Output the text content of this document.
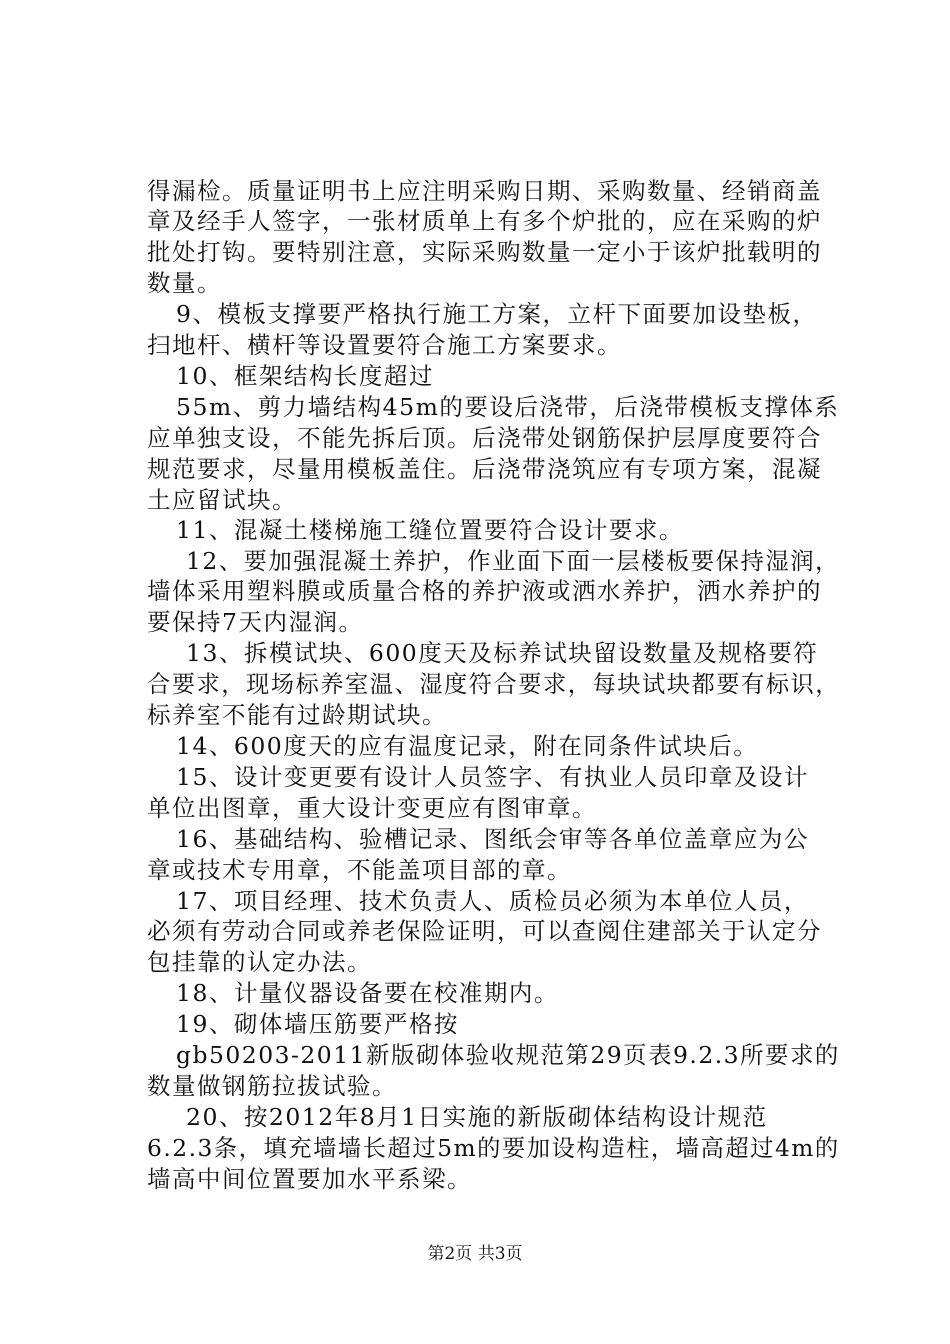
得漏检。质量证明书上应注明采购日期、采购数量、经销商盖
章及经手人签字，一张材质单上有多个炉批的，应在采购的炉
批处打钩。要特别注意，实际采购数量一定小于该炉批载明的
数量。
9、模板支撑要严格执行施工方案，立杆下面要加设垫板，
扫地杆、横杆等设置要符合施工方案要求。
10、框架结构长度超过
55m、剪力墙结构45m的要设后浇带，后浇带模板支撑体系
应单独支设，不能先拆后顶。后浇带处钢筋保护层厚度要符合
规范要求，尽量用模板盖住。后浇带浇筑应有专项方案，混凝
土应留试块。
11、混凝土楼梯施工缝位置要符合设计要求。
12、要加强混凝土养护，作业面下面一层楼板要保持湿润，
墙体采用塑料膜或质量合格的养护液或洒水养护，洒水养护的
要保持7天内湿润。
13、拆模试块、600度天及标养试块留设数量及规格要符
合要求，现场标养室温、湿度符合要求，每块试块都要有标识，
标养室不能有过龄期试块。
14、600度天的应有温度记录，附在同条件试块后。
15、设计变更要有设计人员签字、有执业人员印章及设计
单位出图章，重大设计变更应有图审章。
16、基础结构、验槽记录、图纸会审等各单位盖章应为公
章或技术专用章，不能盖项目部的章。
17、项目经理、技术负责人、质检员必须为本单位人员，
必须有劳动合同或养老保险证明，可以查阅住建部关于认定分
包挂靠的认定办法。
18、计量仪器设备要在校准期内。
19、砌体墙压筋要严格按
gb50203-2011新版砌体验收规范第29页表9.2.3所要求的
数量做钢筋拉拔试验。
20、按2012年8月1日实施的新版砌体结构设计规范
6.2.3条，填充墙墙长超过5m的要加设构造柱，墙高超过4m的
墙高中间位置要加水平系梁。
第2页 共3页
